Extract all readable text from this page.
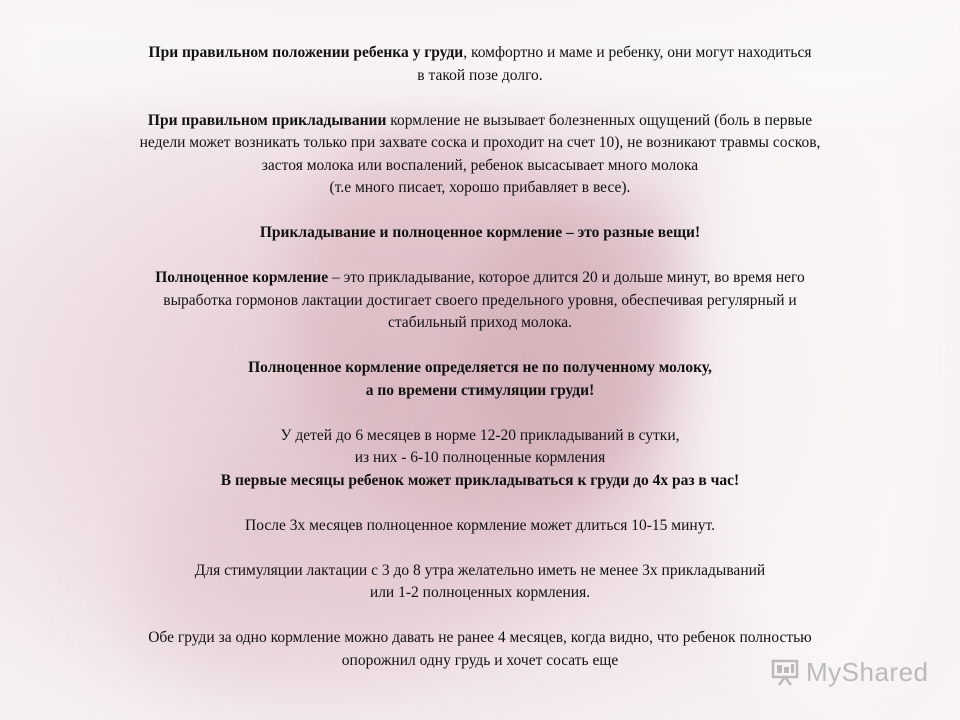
При правильном положении ребенка у груди, комфортно и маме и ребенку, они могут находиться
в такой позе долго.

При правильном прикладывании кормление не вызывает болезненных ощущений (боль в первые
недели может возникать только при захвате соска и проходит на счет 10), не возникают травмы сосков,
застоя молока или воспалений, ребенок высасывает много молока
(т.е много писает, хорошо прибавляет в весе).

Прикладывание и полноценное кормление – это разные вещи!

Полноценное кормление – это прикладывание, которое длится 20 и дольше минут, во время него
выработка гормонов лактации достигает своего предельного уровня, обеспечивая регулярный и
стабильный приход молока.

Полноценное кормление определяется не по полученному молоку,
а по времени стимуляции груди!

У детей до 6 месяцев в норме 12-20 прикладываний в сутки,
из них - 6-10 полноценные кормления
В первые месяцы ребенок может прикладываться к груди до 4х раз в час!

После 3х месяцев полноценное кормление может длиться 10-15 минут.

Для стимуляции лактации с 3 до 8 утра желательно иметь не менее 3х прикладываний
или 1-2 полноценных кормления.

Обе груди за одно кормление можно давать не ранее 4 месяцев, когда видно, что ребенок полностью
опорожнил одну грудь и хочет сосать еще	MyShared
